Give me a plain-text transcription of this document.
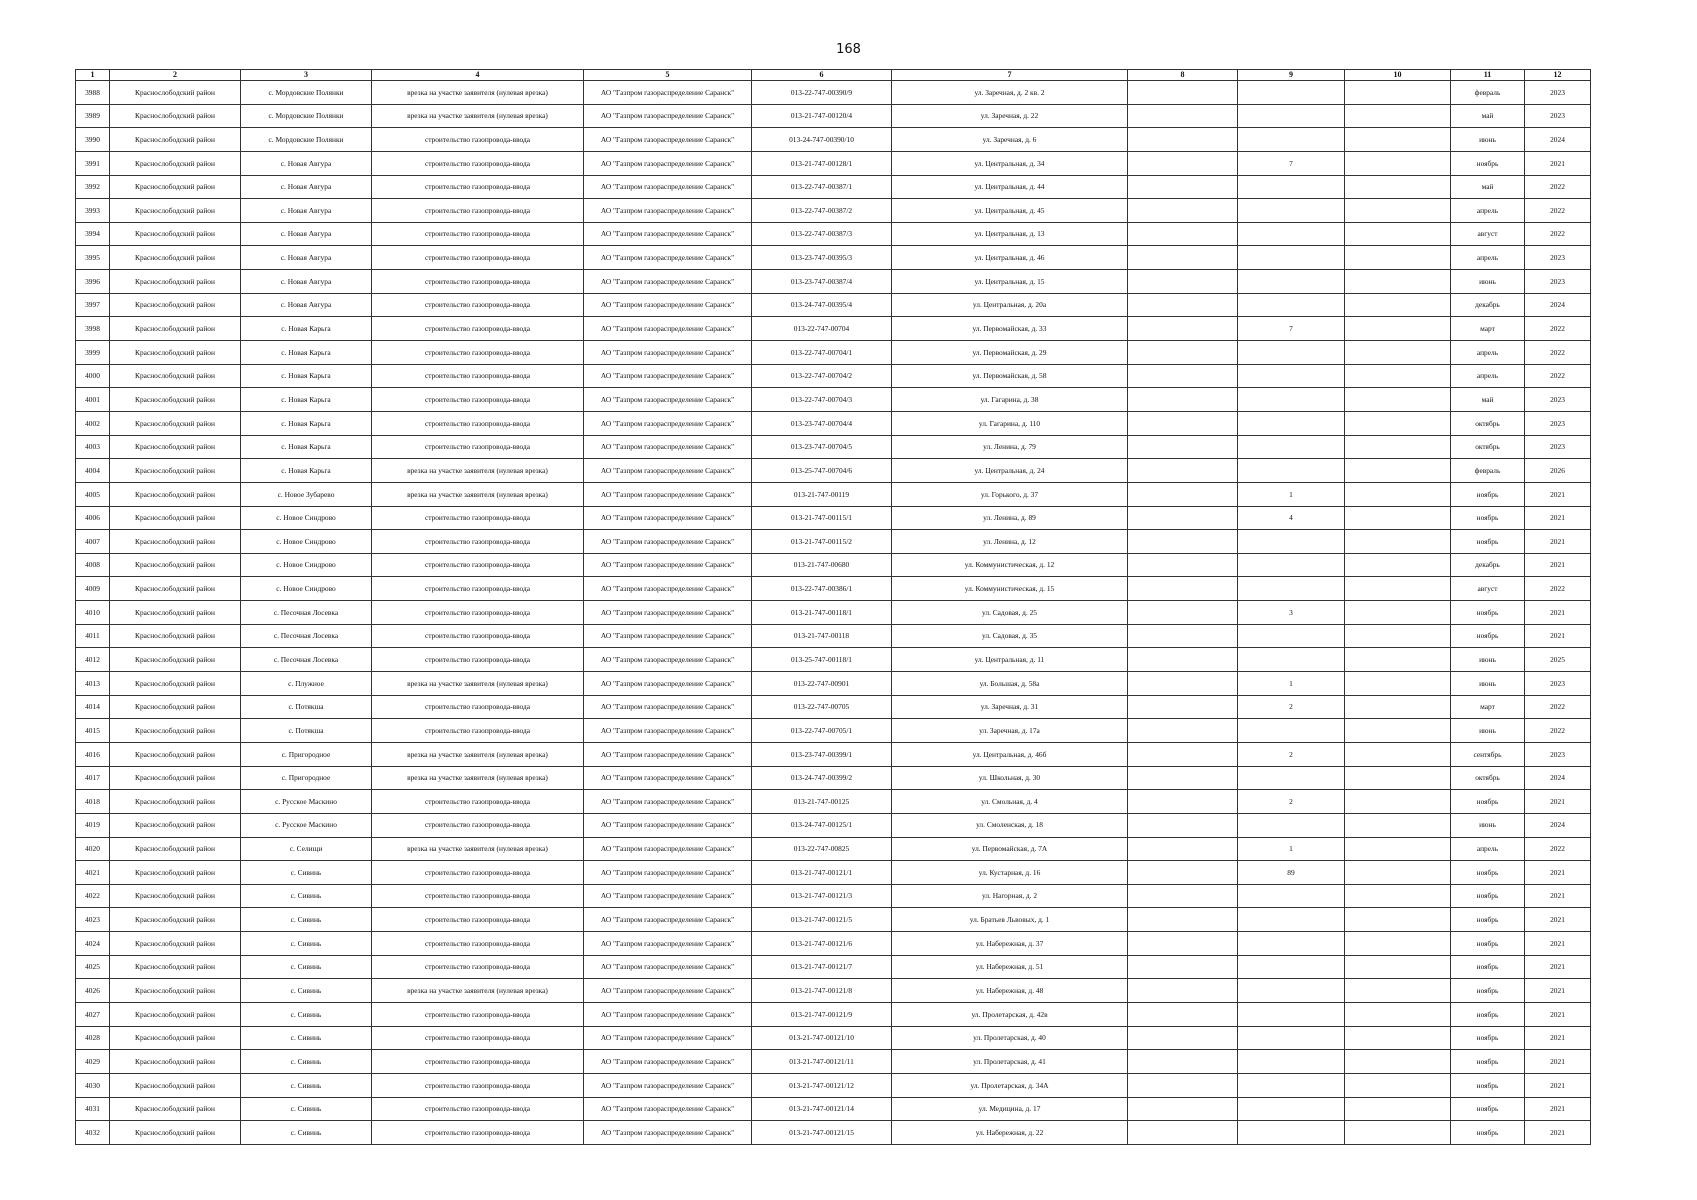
168
1	2	3	4	5	6	7	8	9	10	11	12
3988	Краснослободский район	с. Мордовские Полянки	врезка на участке заявителя (нулевая врезка)	АО "Газпром газораспределение Саранск"	013-22-747-00390/9	ул. Заречная, д. 2 кв. 2				февраль	2023
3989	Краснослободский район	с. Мордовские Полянки	врезка на участке заявителя (нулевая врезка)	АО "Газпром газораспределение Саранск"	013-21-747-00120/4	ул. Заречная, д. 22				май	2023
3990	Краснослободский район	с. Мордовские Полянки	строительство газопровода-ввода	АО "Газпром газораспределение Саранск"	013-24-747-00390/10	ул. Заречная, д. 6				июнь	2024
3991	Краснослободский район	с. Новая Авгура	строительство газопровода-ввода	АО "Газпром газораспределение Саранск"	013-21-747-00128/1	ул. Центральная, д. 34		7		ноябрь	2021
3992	Краснослободский район	с. Новая Авгура	строительство газопровода-ввода	АО "Газпром газораспределение Саранск"	013-22-747-00387/1	ул. Центральная, д. 44				май	2022
3993	Краснослободский район	с. Новая Авгура	строительство газопровода-ввода	АО "Газпром газораспределение Саранск"	013-22-747-00387/2	ул. Центральная, д. 45				апрель	2022
3994	Краснослободский район	с. Новая Авгура	строительство газопровода-ввода	АО "Газпром газораспределение Саранск"	013-22-747-00387/3	ул. Центральная, д. 13				август	2022
3995	Краснослободский район	с. Новая Авгура	строительство газопровода-ввода	АО "Газпром газораспределение Саранск"	013-23-747-00395/3	ул. Центральная, д. 46				апрель	2023
3996	Краснослободский район	с. Новая Авгура	строительство газопровода-ввода	АО "Газпром газораспределение Саранск"	013-23-747-00387/4	ул. Центральная, д. 15				июнь	2023
3997	Краснослободский район	с. Новая Авгура	строительство газопровода-ввода	АО "Газпром газораспределение Саранск"	013-24-747-00395/4	ул. Центральная, д. 20а				декабрь	2024
3998	Краснослободский район	с. Новая Карьга	строительство газопровода-ввода	АО "Газпром газораспределение Саранск"	013-22-747-00704	ул. Первомайская, д. 33		7		март	2022
3999	Краснослободский район	с. Новая Карьга	строительство газопровода-ввода	АО "Газпром газораспределение Саранск"	013-22-747-00704/1	ул. Первомайская, д. 29				апрель	2022
4000	Краснослободский район	с. Новая Карьга	строительство газопровода-ввода	АО "Газпром газораспределение Саранск"	013-22-747-00704/2	ул. Первомайская, д. 58				апрель	2022
4001	Краснослободский район	с. Новая Карьга	строительство газопровода-ввода	АО "Газпром газораспределение Саранск"	013-22-747-00704/3	ул. Гагарина, д. 38				май	2023
4002	Краснослободский район	с. Новая Карьга	строительство газопровода-ввода	АО "Газпром газораспределение Саранск"	013-23-747-00704/4	ул. Гагарина, д. 110				октябрь	2023
4003	Краснослободский район	с. Новая Карьга	строительство газопровода-ввода	АО "Газпром газораспределение Саранск"	013-23-747-00704/5	ул. Ленина, д. 79				октябрь	2023
4004	Краснослободский район	с. Новая Карьга	врезка на участке заявителя (нулевая врезка)	АО "Газпром газораспределение Саранск"	013-25-747-00704/6	ул. Центральная, д. 24				февраль	2026
4005	Краснослободский район	с. Новое Зубарево	врезка на участке заявителя (нулевая врезка)	АО "Газпром газораспределение Саранск"	013-21-747-00119	ул. Горького, д. 37		1		ноябрь	2021
4006	Краснослободский район	с. Новое Синдрово	строительство газопровода-ввода	АО "Газпром газораспределение Саранск"	013-21-747-00115/1	ул. Ленина, д. 89		4		ноябрь	2021
4007	Краснослободский район	с. Новое Синдрово	строительство газопровода-ввода	АО "Газпром газораспределение Саранск"	013-21-747-00115/2	ул. Ленина, д. 12				ноябрь	2021
4008	Краснослободский район	с. Новое Синдрово	строительство газопровода-ввода	АО "Газпром газораспределение Саранск"	013-21-747-00680	ул. Коммунистическая, д. 12				декабрь	2021
4009	Краснослободский район	с. Новое Синдрово	строительство газопровода-ввода	АО "Газпром газораспределение Саранск"	013-22-747-00386/1	ул. Коммунистическая, д. 15				август	2022
4010	Краснослободский район	с. Песочная Лосевка	строительство газопровода-ввода	АО "Газпром газораспределение Саранск"	013-21-747-00118/1	ул. Садовая, д. 25		3		ноябрь	2021
4011	Краснослободский район	с. Песочная Лосевка	строительство газопровода-ввода	АО "Газпром газораспределение Саранск"	013-21-747-00118	ул. Садовая, д. 35				ноябрь	2021
4012	Краснослободский район	с. Песочная Лосевка	строительство газопровода-ввода	АО "Газпром газораспределение Саранск"	013-25-747-00118/1	ул. Центральная, д. 11				июнь	2025
4013	Краснослободский район	с. Плужное	врезка на участке заявителя (нулевая врезка)	АО "Газпром газораспределение Саранск"	013-22-747-00901	ул. Большая, д. 58а		1		июнь	2023
4014	Краснослободский район	с. Потякша	строительство газопровода-ввода	АО "Газпром газораспределение Саранск"	013-22-747-00705	ул. Заречная, д. 31		2		март	2022
4015	Краснослободский район	с. Потякша	строительство газопровода-ввода	АО "Газпром газораспределение Саранск"	013-22-747-00705/1	ул. Заречная, д. 17а				июнь	2022
4016	Краснослободский район	с. Пригородное	врезка на участке заявителя (нулевая врезка)	АО "Газпром газораспределение Саранск"	013-23-747-00399/1	ул. Центральная, д. 46б		2		сентябрь	2023
4017	Краснослободский район	с. Пригородное	врезка на участке заявителя (нулевая врезка)	АО "Газпром газораспределение Саранск"	013-24-747-00399/2	ул. Школьная, д. 30				октябрь	2024
4018	Краснослободский район	с. Русское Маскино	строительство газопровода-ввода	АО "Газпром газораспределение Саранск"	013-21-747-00125	ул. Смольная, д. 4		2		ноябрь	2021
4019	Краснослободский район	с. Русское Маскино	строительство газопровода-ввода	АО "Газпром газораспределение Саранск"	013-24-747-00125/1	ул. Смоленская, д. 18				июнь	2024
4020	Краснослободский район	с. Селищи	врезка на участке заявителя (нулевая врезка)	АО "Газпром газораспределение Саранск"	013-22-747-00825	ул. Первомайская, д. 7А		1		апрель	2022
4021	Краснослободский район	с. Сивинь	строительство газопровода-ввода	АО "Газпром газораспределение Саранск"	013-21-747-00121/1	ул. Кустарная, д. 16		89		ноябрь	2021
4022	Краснослободский район	с. Сивинь	строительство газопровода-ввода	АО "Газпром газораспределение Саранск"	013-21-747-00121/3	ул. Нагорная, д. 2				ноябрь	2021
4023	Краснослободский район	с. Сивинь	строительство газопровода-ввода	АО "Газпром газораспределение Саранск"	013-21-747-00121/5	ул. Братьев Львовых, д. 1				ноябрь	2021
4024	Краснослободский район	с. Сивинь	строительство газопровода-ввода	АО "Газпром газораспределение Саранск"	013-21-747-00121/6	ул. Набережная, д. 37				ноябрь	2021
4025	Краснослободский район	с. Сивинь	строительство газопровода-ввода	АО "Газпром газораспределение Саранск"	013-21-747-00121/7	ул. Набережная, д. 51				ноябрь	2021
4026	Краснослободский район	с. Сивинь	врезка на участке заявителя (нулевая врезка)	АО "Газпром газораспределение Саранск"	013-21-747-00121/8	ул. Набережная, д. 48				ноябрь	2021
4027	Краснослободский район	с. Сивинь	строительство газопровода-ввода	АО "Газпром газораспределение Саранск"	013-21-747-00121/9	ул. Пролетарская, д. 42в				ноябрь	2021
4028	Краснослободский район	с. Сивинь	строительство газопровода-ввода	АО "Газпром газораспределение Саранск"	013-21-747-00121/10	ул. Пролетарская, д. 40				ноябрь	2021
4029	Краснослободский район	с. Сивинь	строительство газопровода-ввода	АО "Газпром газораспределение Саранск"	013-21-747-00121/11	ул. Пролетарская, д. 41				ноябрь	2021
4030	Краснослободский район	с. Сивинь	строительство газопровода-ввода	АО "Газпром газораспределение Саранск"	013-21-747-00121/12	ул. Пролетарская, д. 34А				ноябрь	2021
4031	Краснослободский район	с. Сивинь	строительство газопровода-ввода	АО "Газпром газораспределение Саранск"	013-21-747-00121/14	ул. Медицина, д. 17				ноябрь	2021
4032	Краснослободский район	с. Сивинь	строительство газопровода-ввода	АО "Газпром газораспределение Саранск"	013-21-747-00121/15	ул. Набережная, д. 22				ноябрь	2021
